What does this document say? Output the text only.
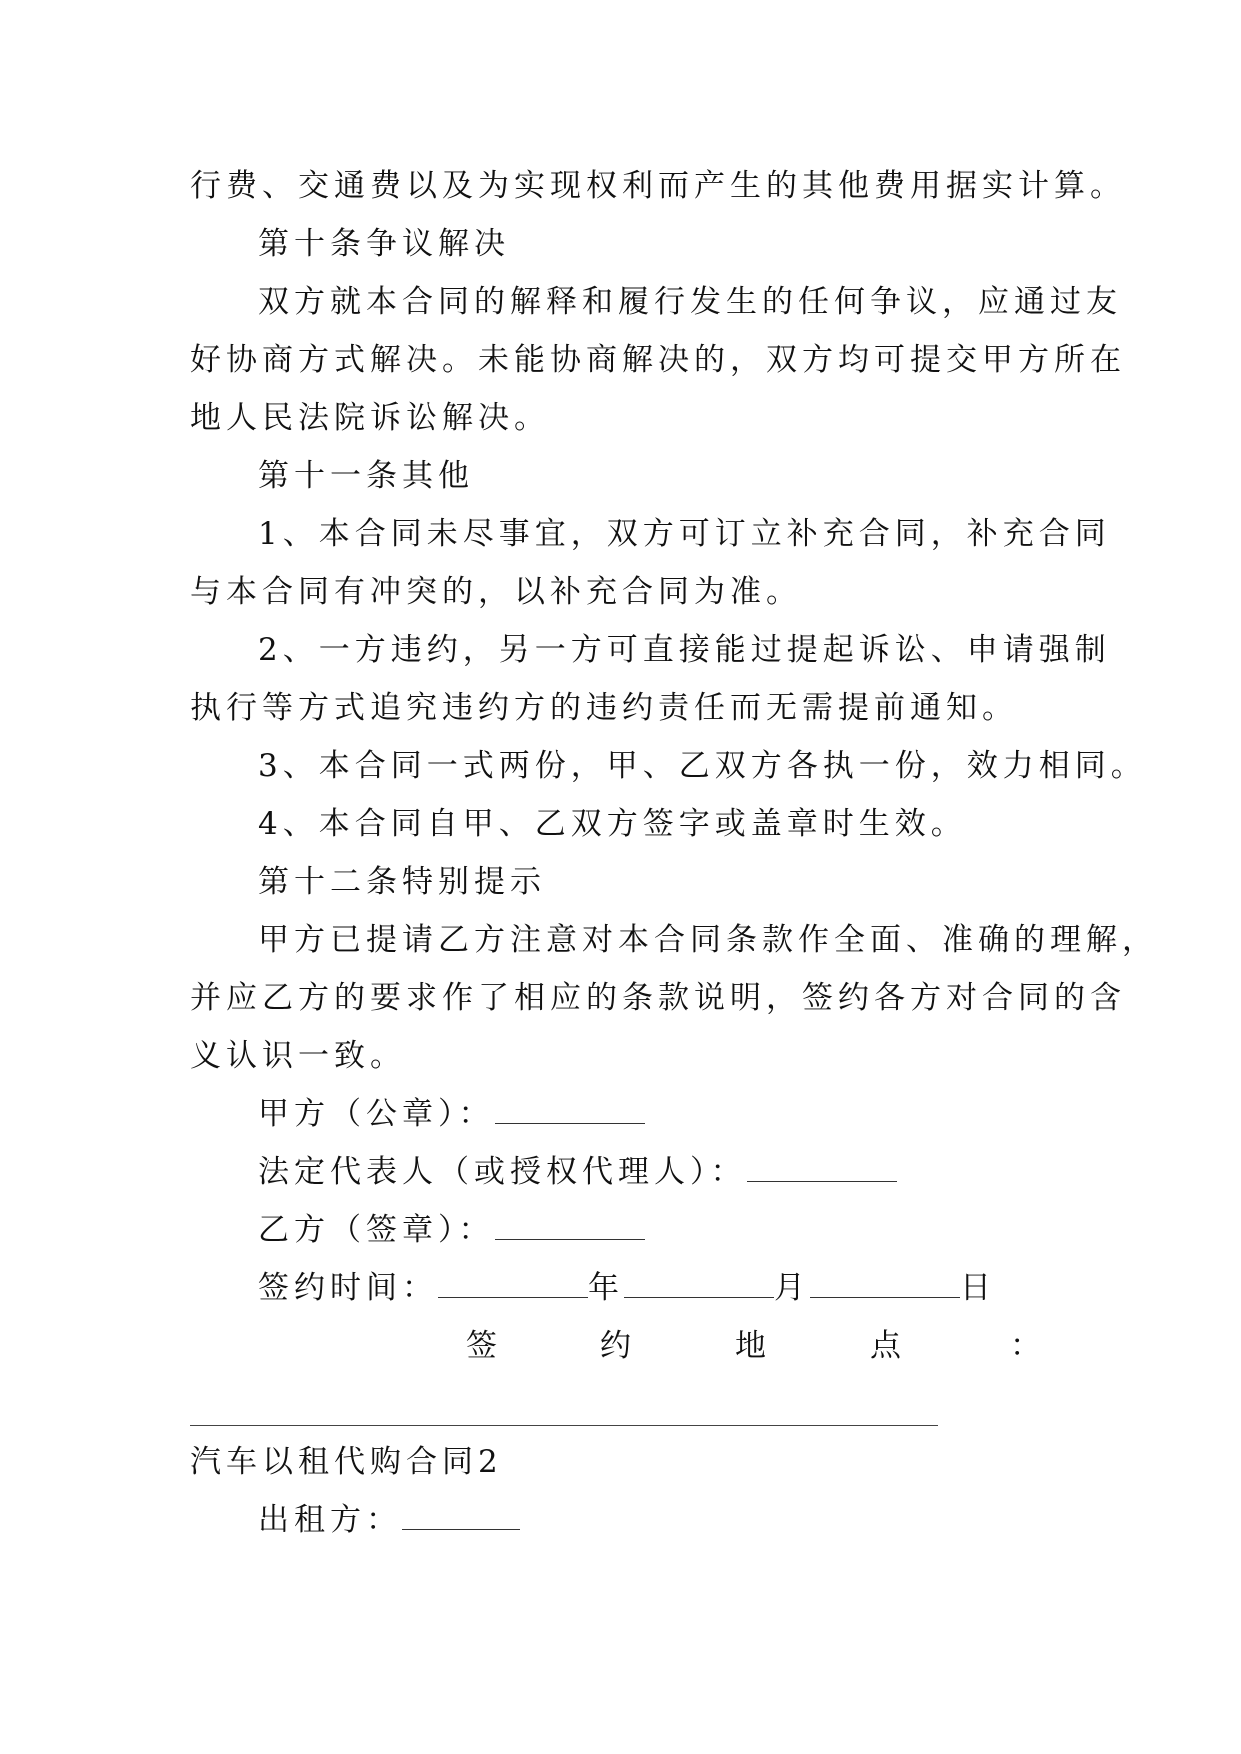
行费、交通费以及为实现权利而产生的其他费用据实计算。
第十条争议解决
双方就本合同的解释和履行发生的任何争议，应通过友
好协商方式解决。未能协商解决的，双方均可提交甲方所在
地人民法院诉讼解决。
第十一条其他
1、本合同未尽事宜，双方可订立补充合同，补充合同
与本合同有冲突的，以补充合同为准。
2、一方违约，另一方可直接能过提起诉讼、申请强制
执行等方式追究违约方的违约责任而无需提前通知。
3、本合同一式两份，甲、乙双方各执一份，效力相同。
4、本合同自甲、乙双方签字或盖章时生效。
第十二条特别提示
甲方已提请乙方注意对本合同条款作全面、准确的理解，
并应乙方的要求作了相应的条款说明，签约各方对合同的含
义认识一致。
甲方（公章）：
法定代表人（或授权代理人）：
乙方（签章）：
签约时间：	年	月	日
签	约	地	点	：
汽车以租代购合同2
出租方：
